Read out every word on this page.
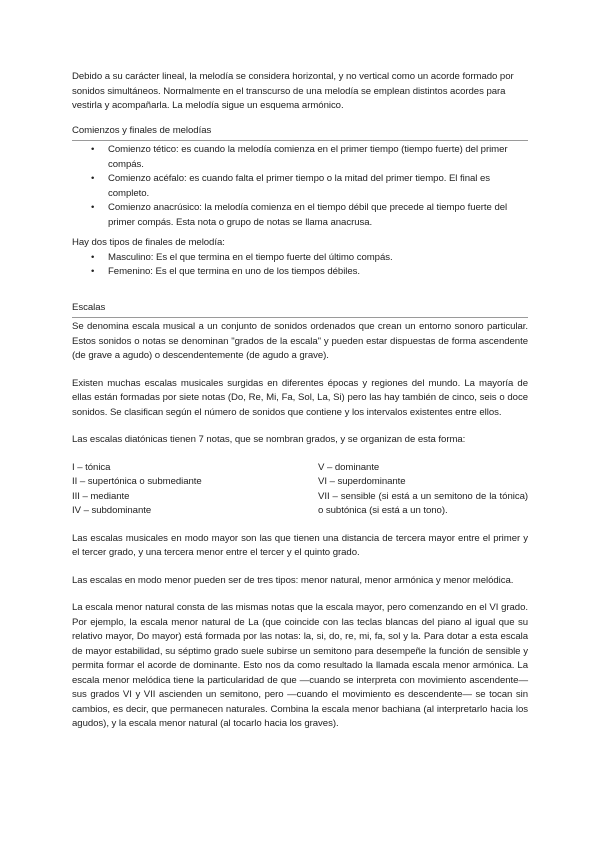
Debido a su carácter lineal, la melodía se considera horizontal, y no vertical como un acorde formado por sonidos simultáneos. Normalmente en el transcurso de una melodía se emplean distintos acordes para vestirla y acompañarla. La melodía sigue un esquema armónico.

Comienzos y finales de melodías

• Comienzo tético: es cuando la melodía comienza en el primer tiempo (tiempo fuerte) del primer compás.
• Comienzo acéfalo: es cuando falta el primer tiempo o la mitad del primer tiempo. El final es completo.
• Comienzo anacrúsico: la melodía comienza en el tiempo débil que precede al tiempo fuerte del primer compás. Esta nota o grupo de notas se llama anacrusa.

Hay dos tipos de finales de melodía:

• Masculino: Es el que termina en el tiempo fuerte del último compás.
• Femenino: Es el que termina en uno de los tiempos débiles.

Escalas

Se denomina escala musical a un conjunto de sonidos ordenados que crean un entorno sonoro particular. Estos sonidos o notas se denominan "grados de la escala" y pueden estar dispuestas de forma ascendente (de grave a agudo) o descendentemente (de agudo a grave).

Existen muchas escalas musicales surgidas en diferentes épocas y regiones del mundo. La mayoría de ellas están formadas por siete notas (Do, Re, Mi, Fa, Sol, La, Si) pero las hay también de cinco, seis o doce sonidos. Se clasifican según el número de sonidos que contiene y los intervalos existentes entre ellos.

Las escalas diatónicas tienen 7 notas, que se nombran grados, y se organizan de esta forma:

I – tónica

II – supertónica o submediante

III – mediante

IV – subdominante

V – dominante

VI – superdominante

VII – sensible (si está a un semitono de la tónica) o subtónica (si está a un tono).

Las escalas musicales en modo mayor son las que tienen una distancia de tercera mayor entre el primer y el tercer grado, y una tercera menor entre el tercer y el quinto grado.

Las escalas en modo menor pueden ser de tres tipos: menor natural, menor armónica y menor melódica.

La escala menor natural consta de las mismas notas que la escala mayor, pero comenzando en el VI grado. Por ejemplo, la escala menor natural de La (que coincide con las teclas blancas del piano al igual que su relativo mayor, Do mayor) está formada por las notas: la, si, do, re, mi, fa, sol y la. Para dotar a esta escala de mayor estabilidad, su séptimo grado suele subirse un semitono para desempeñe la función de sensible y permita formar el acorde de dominante. Esto nos da como resultado la llamada escala menor armónica. La escala menor melódica tiene la particularidad de que —cuando se interpreta con movimiento ascendente— sus grados VI y VII ascienden un semitono, pero —cuando el movimiento es descendente— se tocan sin cambios, es decir, que permanecen naturales. Combina la escala menor bachiana (al interpretarlo hacia los agudos), y la escala menor natural (al tocarlo hacia los graves).
